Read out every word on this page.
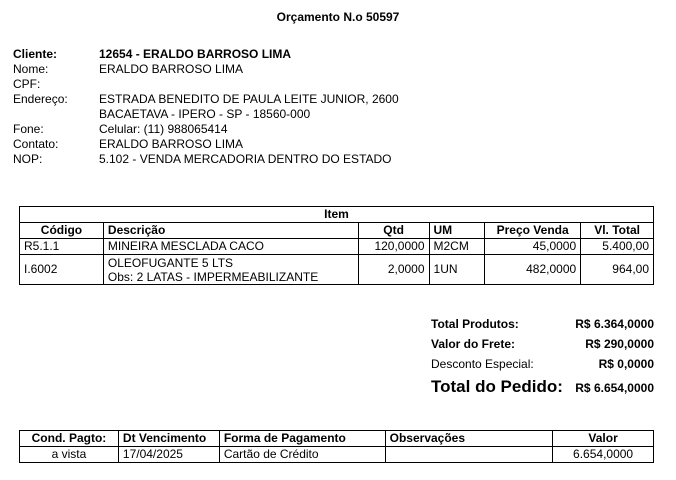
Orçamento N.o 50597
Cliente:	12654 - ERALDO BARROSO LIMA
Nome:	ERALDO BARROSO LIMA
CPF:
Endereço:	ESTRADA BENEDITO DE PAULA LEITE JUNIOR, 2600
BACAETAVA - IPERO - SP - 18560-000
Fone:	Celular: (11) 988065414
Contato:	ERALDO BARROSO LIMA
NOP:	5.102 - VENDA MERCADORIA DENTRO DO ESTADO
Item					
Código	Descrição	Qtd	UM	Preço Venda	Vl. Total
R5.1.1	MINEIRA MESCLADA CACO	120,0000	M2CM	45,0000	5.400,00
I.6002	OLEOFUGANTE 5 LTS
Obs: 2 LATAS - IMPERMEABILIZANTE	2,0000	1UN	482,0000	964,00
Total Produtos:	R$ 6.364,0000
Valor do Frete:	R$ 290,0000
Desconto Especial:	R$ 0,0000
Total do Pedido: R$ 6.654,0000
Cond. Pagto:	Dt Vencimento	Forma de Pagamento	Observações	Valor
a vista	17/04/2025	Cartão de Crédito		6.654,0000
